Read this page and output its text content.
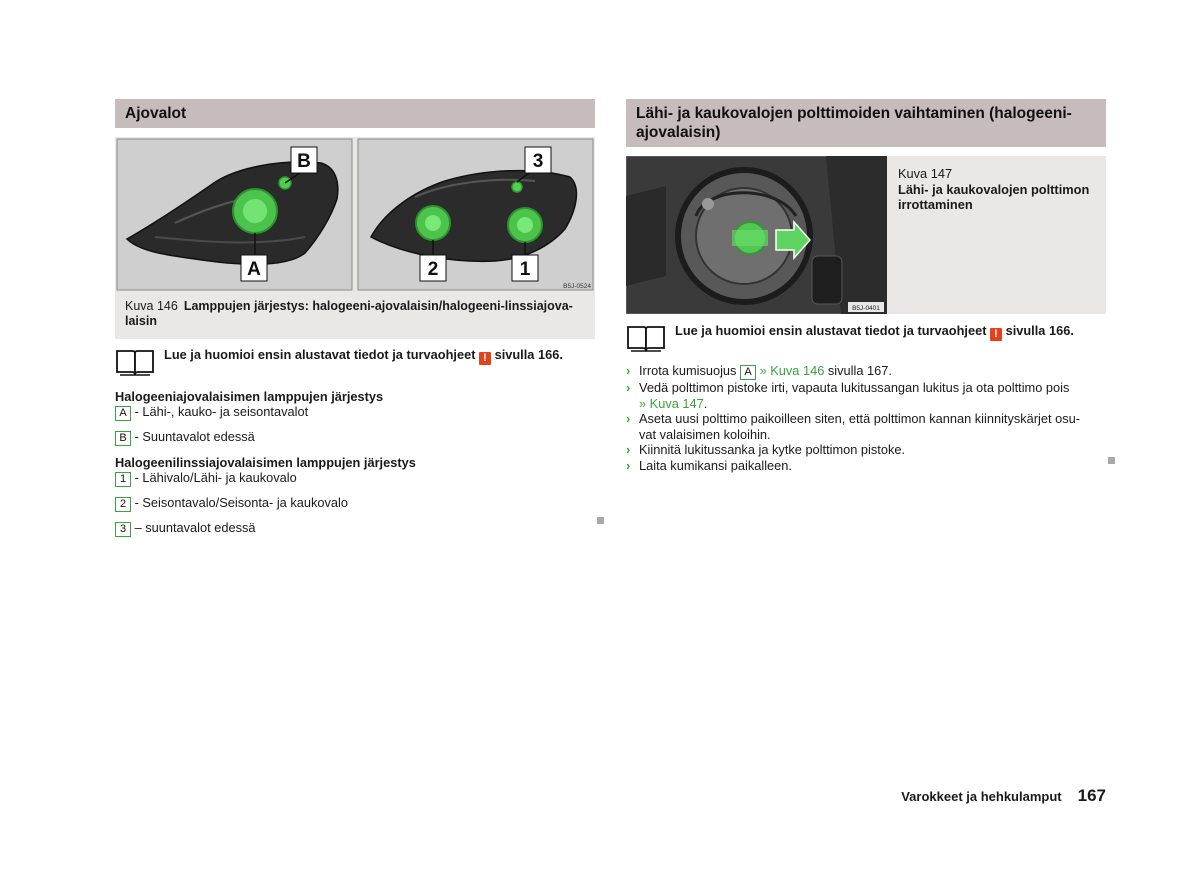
Ajovalot
B
A
3
2	1
B5J-0524
Kuva 146 Lamppujen järjestys: halogeeni-ajovalaisin/halogeeni-linssiajova-laisin
Lue ja huomioi ensin alustavat tiedot ja turvaohjeet ! sivulla 166.
Halogeeniajovalaisimen lamppujen järjestys
A - Lähi-, kauko- ja seisontavalot
B - Suuntavalot edessä
Halogeenilinssiajovalaisimen lamppujen järjestys
1 - Lähivalo/Lähi- ja kaukovalo
2 - Seisontavalo/Seisonta- ja kaukovalo
3 – suuntavalot edessä
Lähi- ja kaukovalojen polttimoiden vaihtaminen (halogeeni-
ajovalaisin)
B5J-0401
Kuva 147
Lähi- ja kaukovalojen polttimon
irrottaminen
Lue ja huomioi ensin alustavat tiedot ja turvaohjeet ! sivulla 166.
› Irrota kumisuojus A » Kuva 146 sivulla 167.
› Vedä polttimon pistoke irti, vapauta lukitussangan lukitus ja ota polttimo pois
» Kuva 147.
› Aseta uusi polttimo paikoilleen siten, että polttimon kannan kiinnityskärjet osu-
vat valaisimen koloihin.
› Kiinnitä lukitussanka ja kytke polttimon pistoke.
› Laita kumikansi paikalleen.
Varokkeet ja hehkulamput 167
